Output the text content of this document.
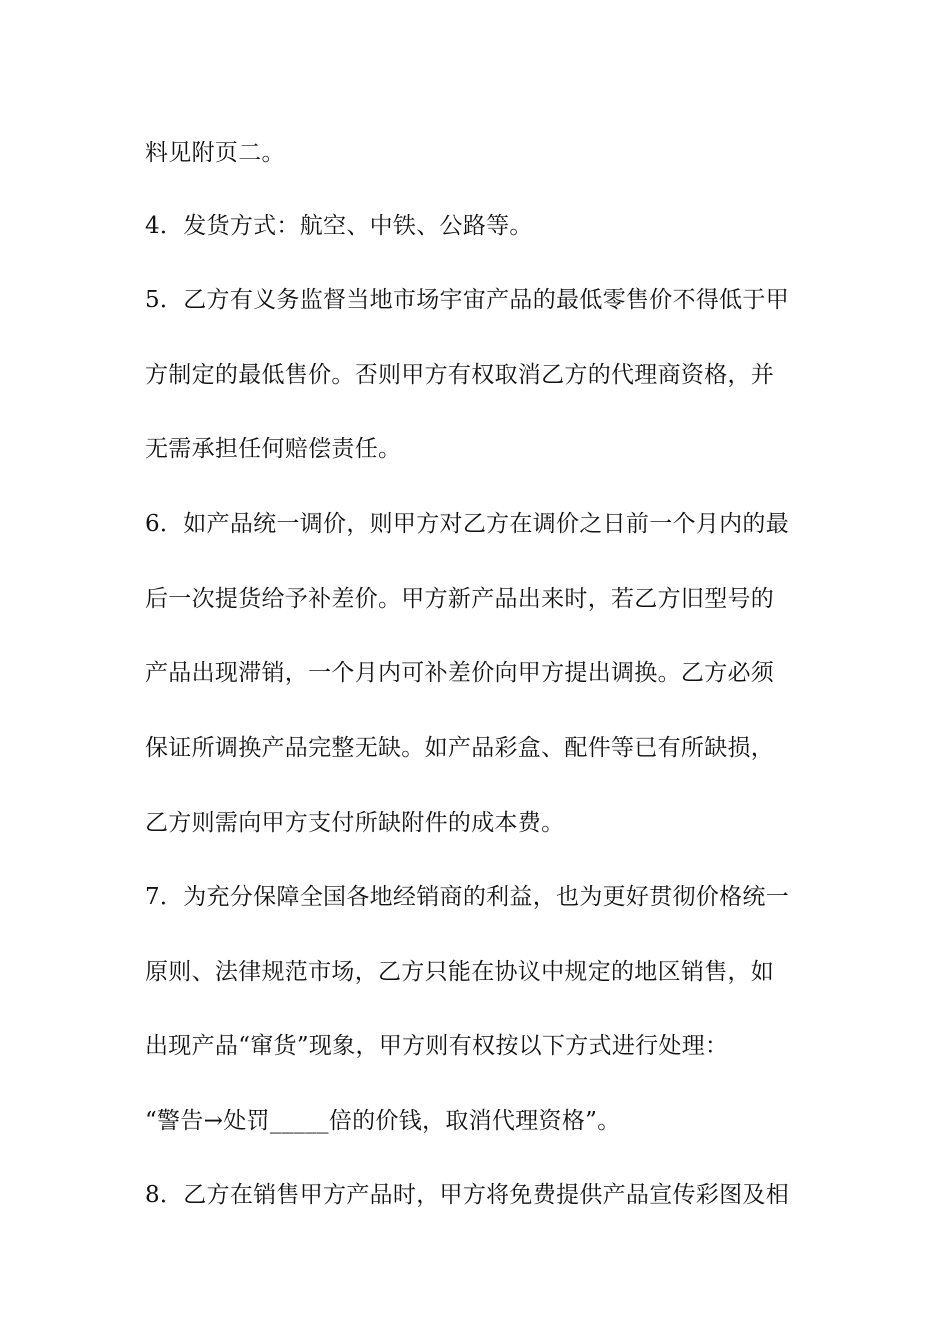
料见附页二。
4．发货方式：航空、中铁、公路等。
5．乙方有义务监督当地市场宇宙产品的最低零售价不得低于甲
方制定的最低售价。否则甲方有权取消乙方的代理商资格，并
无需承担任何赔偿责任。
6．如产品统一调价，则甲方对乙方在调价之日前一个月内的最
后一次提货给予补差价。甲方新产品出来时，若乙方旧型号的
产品出现滞销，一个月内可补差价向甲方提出调换。乙方必须
保证所调换产品完整无缺。如产品彩盒、配件等已有所缺损，
乙方则需向甲方支付所缺附件的成本费。
7．为充分保障全国各地经销商的利益，也为更好贯彻价格统一
原则、法律规范市场，乙方只能在协议中规定的地区销售，如
出现产品“窜货”现象，甲方则有权按以下方式进行处理：
“警告→处罚_____倍的价钱，取消代理资格”。
8．乙方在销售甲方产品时，甲方将免费提供产品宣传彩图及相
